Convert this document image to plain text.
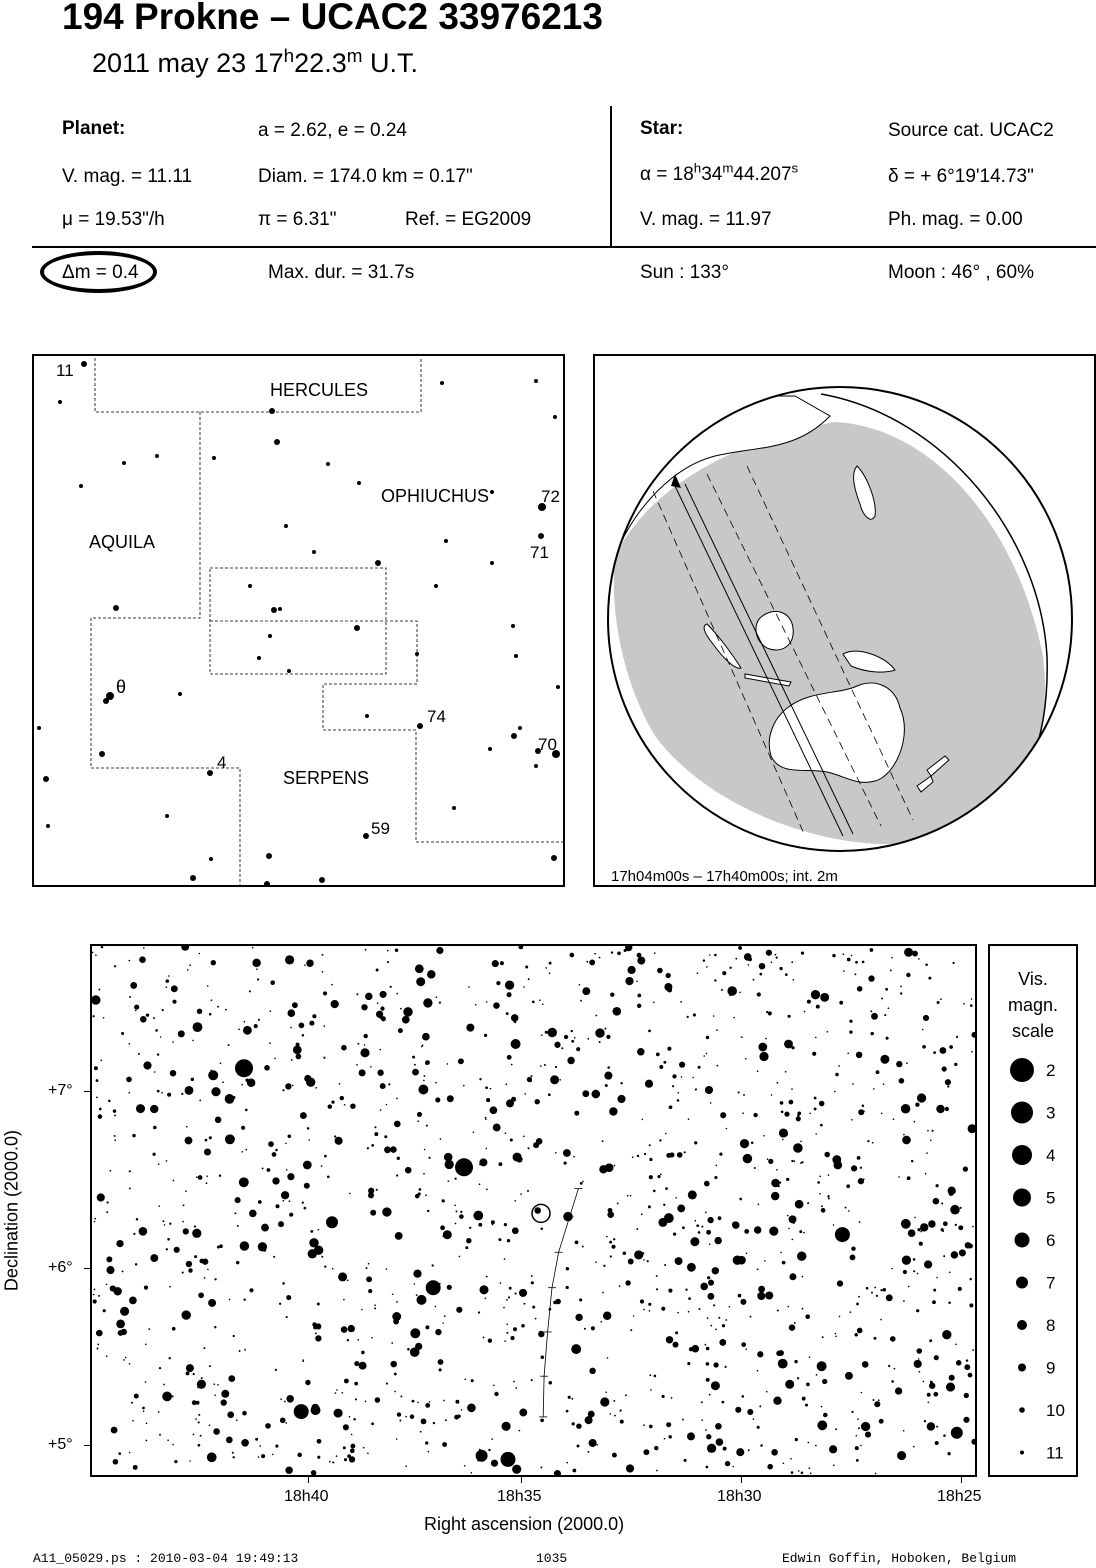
194 Prokne – UCAC2 33976213
2011 may 23 17$^h$22.3$^m$ U.T.
Planet:	a = 2.62, e = 0.24
V. mag. = 11.11	Diam. = 174.0 km = 0.17"
μ = 19.53"/h	π = 6.31"	Ref. = EG2009
Star:	Source cat. UCAC2
$\alpha = 18^h34^m44.207^s$	δ = + 6°19'14.73"
V. mag. = 11.97	Ph. mag. = 0.00
Δm = 0.4	Max. dur. = 31.7s	Sun : 133°	Moon : 46° , 60%
HERCULES
OPHIUCHUS
AQUILA
SERPENS
11
72
71
θ
74
70
4
59
17h04m00s – 17h40m00s; int. 2m
+7°
+6°
+5°
Declination (2000.0)
18h40	18h35	18h30	18h25
Right ascension (2000.0)
Vis.
magn.
scale
2
3
4
5
6
7
8
9
10
11
A11_05029.ps : 2010-03-04 19:49:13	1035	Edwin Goffin, Hoboken, Belgium
